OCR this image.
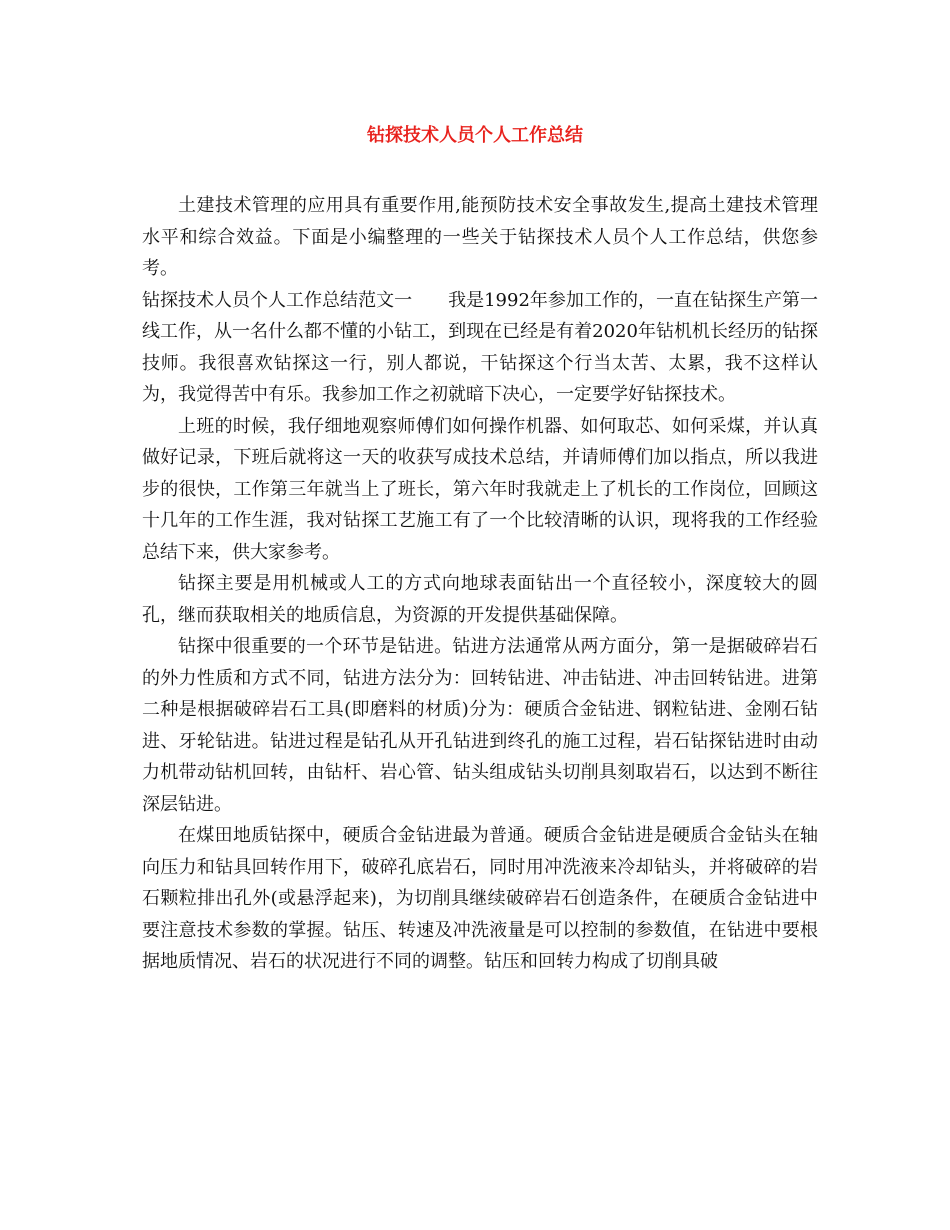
钻探技术人员个人工作总结

土建技术管理的应用具有重要作用,能预防技术安全事故发生,提高土建技术管理水平和综合效益。下面是小编整理的一些关于钻探技术人员个人工作总结，供您参考。

钻探技术人员个人工作总结范文一 我是1992年参加工作的，一直在钻探生产第一线工作，从一名什么都不懂的小钻工，到现在已经是有着2020年钻机机长经历的钻探技师。我很喜欢钻探这一行，别人都说，干钻探这个行当太苦、太累，我不这样认为，我觉得苦中有乐。我参加工作之初就暗下决心，一定要学好钻探技术。

上班的时候，我仔细地观察师傅们如何操作机器、如何取芯、如何采煤，并认真做好记录，下班后就将这一天的收获写成技术总结，并请师傅们加以指点，所以我进步的很快，工作第三年就当上了班长，第六年时我就走上了机长的工作岗位，回顾这十几年的工作生涯，我对钻探工艺施工有了一个比较清晰的认识，现将我的工作经验总结下来，供大家参考。

钻探主要是用机械或人工的方式向地球表面钻出一个直径较小，深度较大的圆孔，继而获取相关的地质信息，为资源的开发提供基础保障。

钻探中很重要的一个环节是钻进。钻进方法通常从两方面分，第一是据破碎岩石的外力性质和方式不同，钻进方法分为：回转钻进、冲击钻进、冲击回转钻进。进第二种是根据破碎岩石工具(即磨料的材质)分为：硬质合金钻进、钢粒钻进、金刚石钻进、牙轮钻进。钻进过程是钻孔从开孔钻进到终孔的施工过程，岩石钻探钻进时由动力机带动钻机回转，由钻杆、岩心管、钻头组成钻头切削具刻取岩石，以达到不断往深层钻进。

在煤田地质钻探中，硬质合金钻进最为普通。硬质合金钻进是硬质合金钻头在轴向压力和钻具回转作用下，破碎孔底岩石，同时用冲洗液来冷却钻头，并将破碎的岩石颗粒排出孔外(或悬浮起来)，为切削具继续破碎岩石创造条件，在硬质合金钻进中要注意技术参数的掌握。钻压、转速及冲洗液量是可以控制的参数值，在钻进中要根据地质情况、岩石的状况进行不同的调整。钻压和回转力构成了切削具破
